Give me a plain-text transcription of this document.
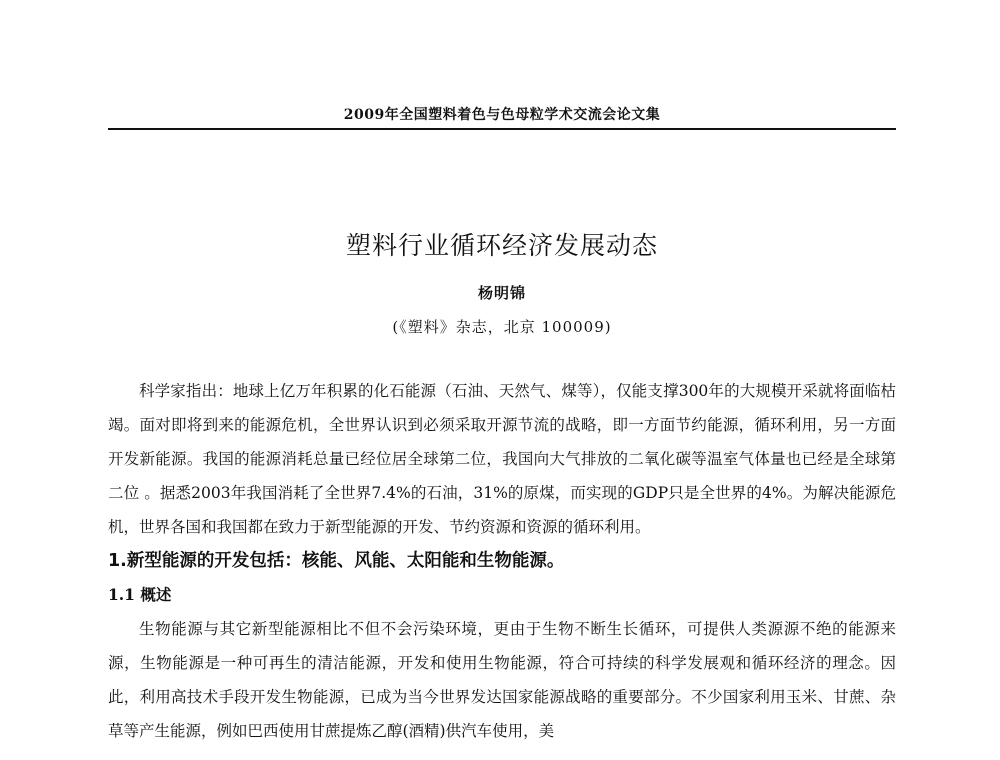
2009年全国塑料着色与色母粒学术交流会论文集
塑料行业循环经济发展动态
杨明锦
(《塑料》杂志，北京 100009)

科学家指出：地球上亿万年积累的化石能源（石油、天然气、煤等），仅能支撑300年的大规模开采就将面临枯竭。面对即将到来的能源危机，全世界认识到必须采取开源节流的战略，即一方面节约能源，循环利用，另一方面开发新能源。我国的能源消耗总量已经位居全球第二位，我国向大气排放的二氧化碳等温室气体量也已经是全球第二位 。据悉2003年我国消耗了全世界7.4%的石油，31%的原煤，而实现的GDP只是全世界的4%。为解决能源危机，世界各国和我国都在致力于新型能源的开发、节约资源和资源的循环利用。

1.新型能源的开发包括：核能、风能、太阳能和生物能源。
1.1 概述

生物能源与其它新型能源相比不但不会污染环境，更由于生物不断生长循环，可提供人类源源不绝的能源来源，生物能源是一种可再生的清洁能源，开发和使用生物能源，符合可持续的科学发展观和循环经济的理念。因此，利用高技术手段开发生物能源，已成为当今世界发达国家能源战略的重要部分。不少国家利用玉米、甘蔗、杂草等产生能源，例如巴西使用甘蔗提炼乙醇(酒精)供汽车使用，美
